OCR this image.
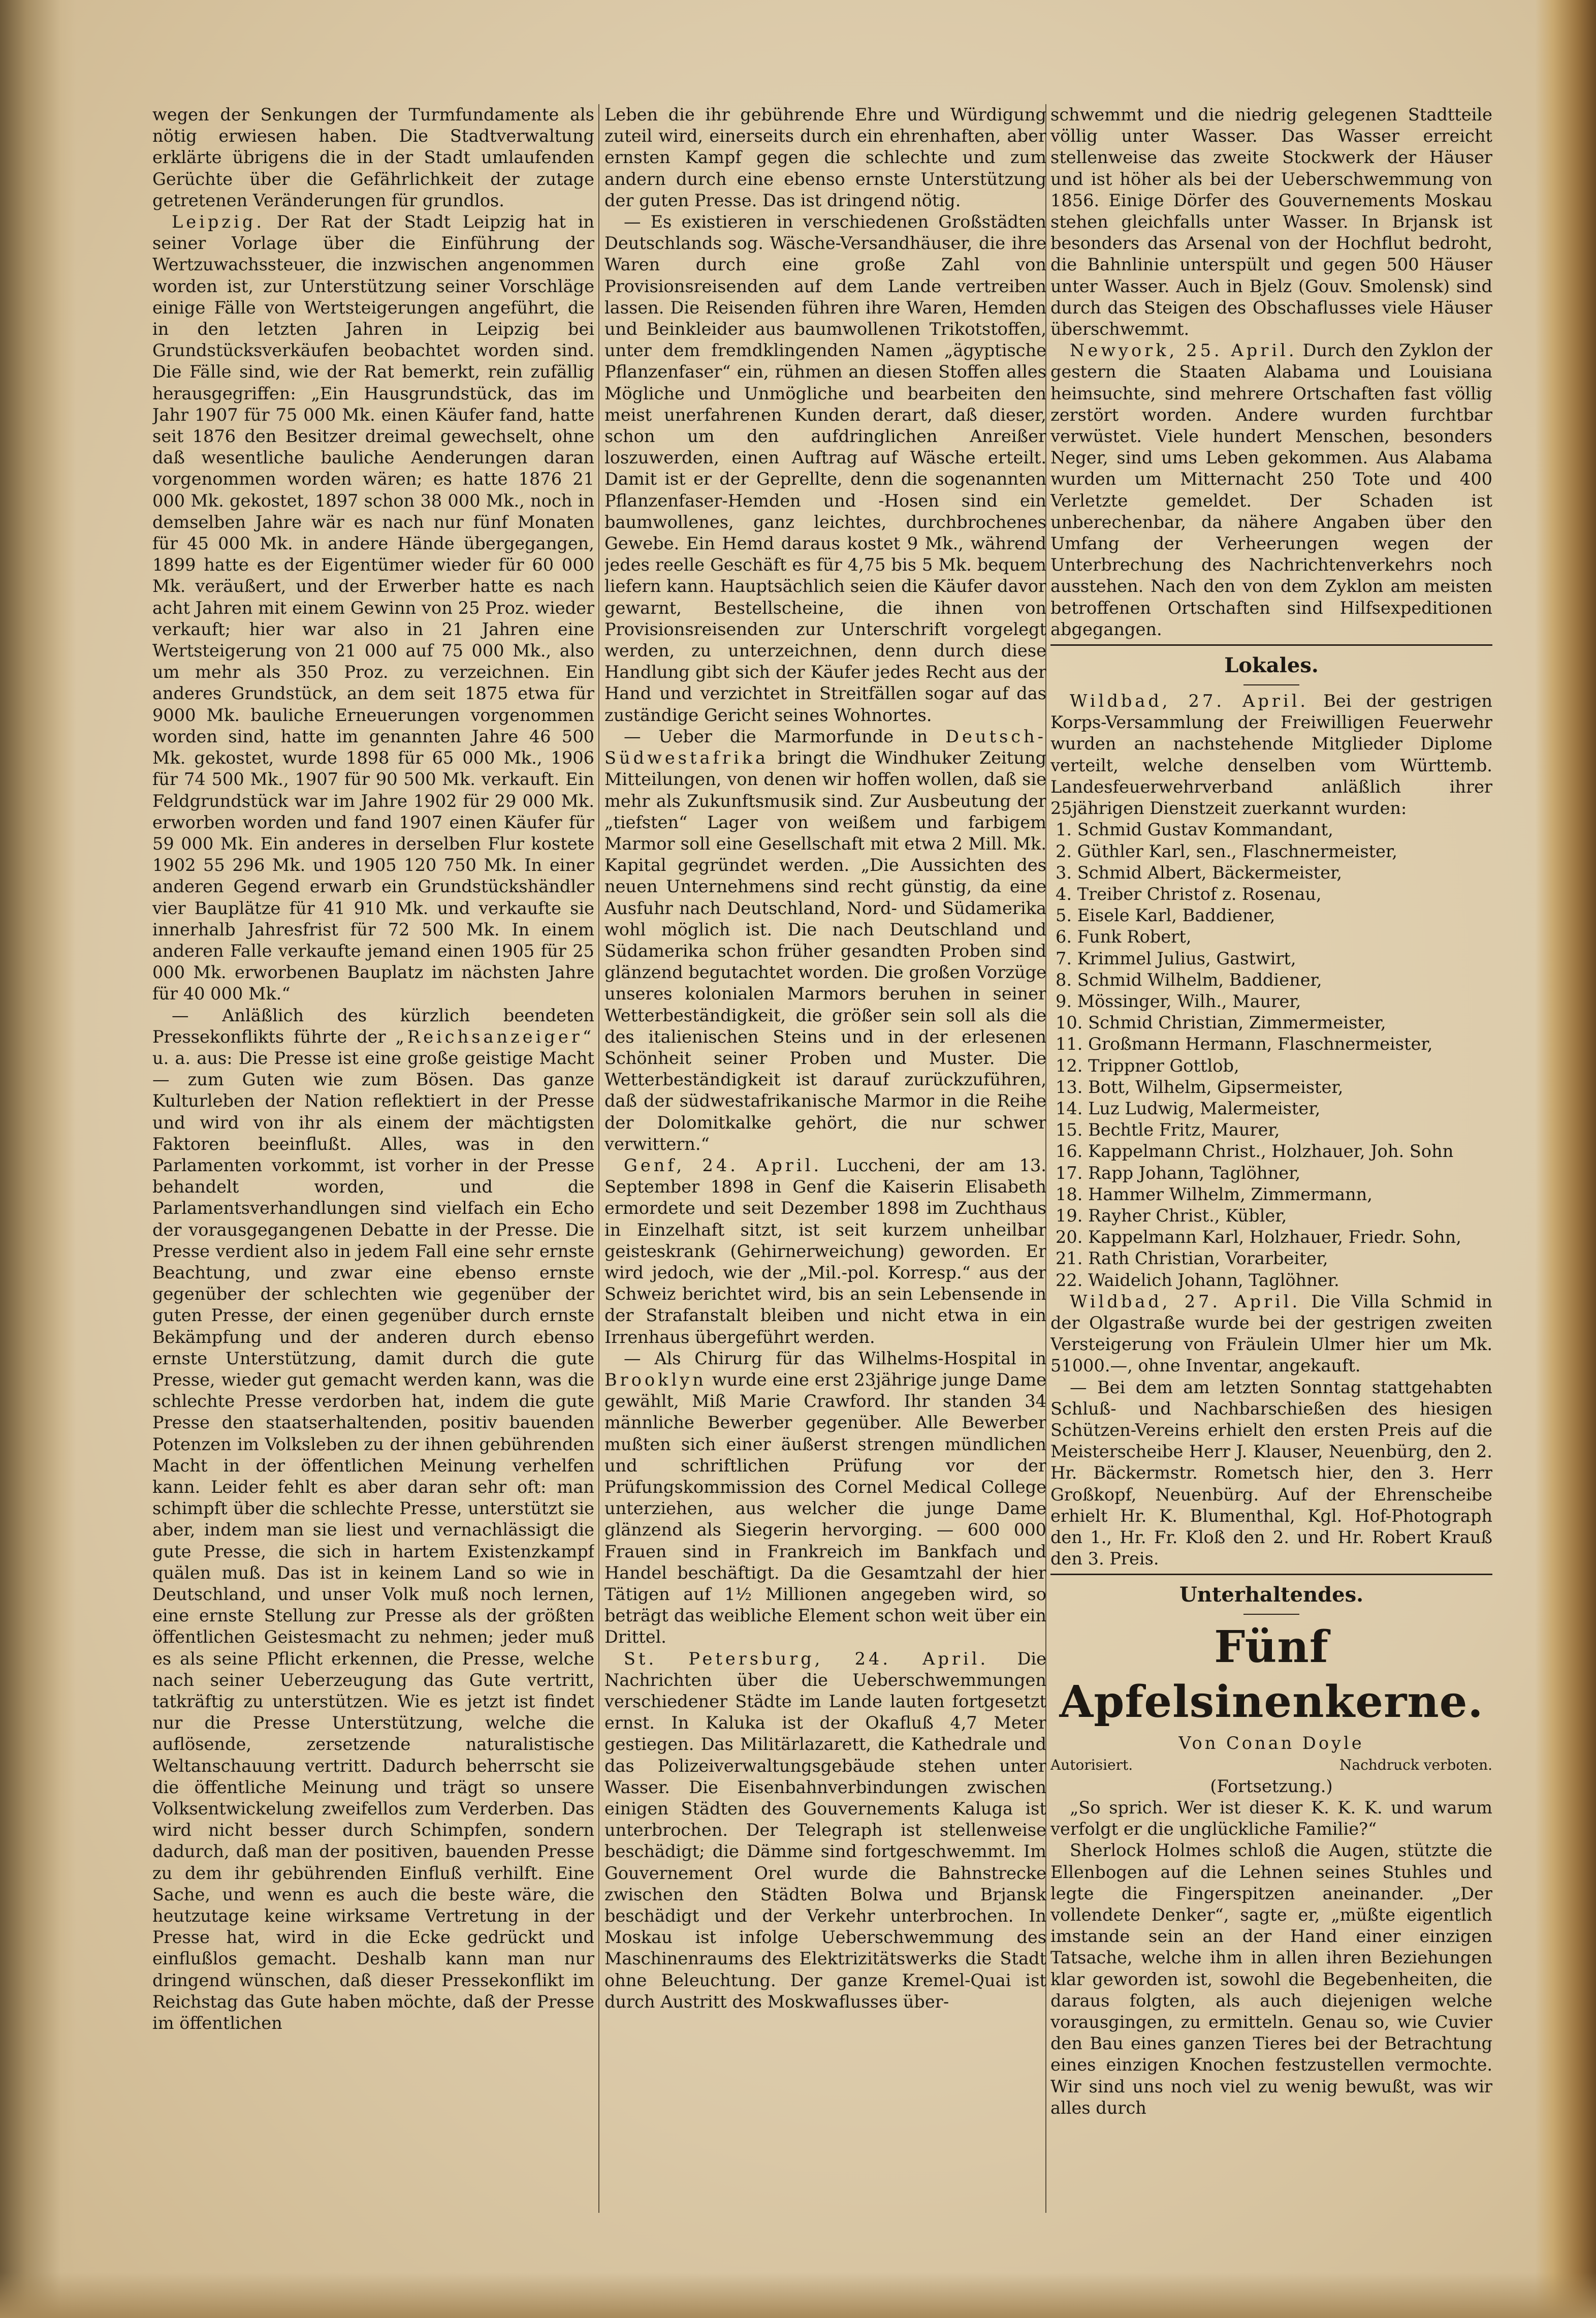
wegen der Senkungen der Turmfundamente als nötig erwiesen haben. Die Stadtverwaltung erklärte übrigens die in der Stadt umlaufenden Gerüchte über die Gefährlichkeit der zutage getretenen Veränderungen für grundlos.

Leipzig. Der Rat der Stadt Leipzig hat in seiner Vorlage über die Einführung der Wertzuwachssteuer, die inzwischen angenommen worden ist, zur Unterstützung seiner Vorschläge einige Fälle von Wertsteigerungen angeführt, die in den letzten Jahren in Leipzig bei Grundstücksverkäufen beobachtet worden sind. Die Fälle sind, wie der Rat bemerkt, rein zufällig herausgegriffen: „Ein Hausgrundstück, das im Jahr 1907 für 75 000 Mk. einen Käufer fand, hatte seit 1876 den Besitzer dreimal gewechselt, ohne daß wesentliche bauliche Aenderungen daran vorgenommen worden wären; es hatte 1876 21 000 Mk. gekostet, 1897 schon 38 000 Mk., noch in demselben Jahre wär es nach nur fünf Monaten für 45 000 Mk. in andere Hände übergegangen, 1899 hatte es der Eigentümer wieder für 60 000 Mk. veräußert, und der Erwerber hatte es nach acht Jahren mit einem Gewinn von 25 Proz. wieder verkauft; hier war also in 21 Jahren eine Wertsteigerung von 21 000 auf 75 000 Mk., also um mehr als 350 Proz. zu verzeichnen. Ein anderes Grundstück, an dem seit 1875 etwa für 9000 Mk. bauliche Erneuerungen vorgenommen worden sind, hatte im genannten Jahre 46 500 Mk. gekostet, wurde 1898 für 65 000 Mk., 1906 für 74 500 Mk., 1907 für 90 500 Mk. verkauft. Ein Feldgrundstück war im Jahre 1902 für 29 000 Mk. erworben worden und fand 1907 einen Käufer für 59 000 Mk. Ein anderes in derselben Flur kostete 1902 55 296 Mk. und 1905 120 750 Mk. In einer anderen Gegend erwarb ein Grundstückshändler vier Bauplätze für 41 910 Mk. und verkaufte sie innerhalb Jahresfrist für 72 500 Mk. In einem anderen Falle verkaufte jemand einen 1905 für 25 000 Mk. erworbenen Bauplatz im nächsten Jahre für 40 000 Mk.“

— Anläßlich des kürzlich beendeten Pressekonflikts führte der „Reichsanzeiger“ u. a. aus: Die Presse ist eine große geistige Macht — zum Guten wie zum Bösen. Das ganze Kulturleben der Nation reflektiert in der Presse und wird von ihr als einem der mächtigsten Faktoren beeinflußt. Alles, was in den Parlamenten vorkommt, ist vorher in der Presse behandelt worden, und die Parlamentsverhandlungen sind vielfach ein Echo der vorausgegangenen Debatte in der Presse. Die Presse verdient also in jedem Fall eine sehr ernste Beachtung, und zwar eine ebenso ernste gegenüber der schlechten wie gegenüber der guten Presse, der einen gegenüber durch ernste Bekämpfung und der anderen durch ebenso ernste Unterstützung, damit durch die gute Presse, wieder gut gemacht werden kann, was die schlechte Presse verdorben hat, indem die gute Presse den staatserhaltenden, positiv bauenden Potenzen im Volksleben zu der ihnen gebührenden Macht in der öffentlichen Meinung verhelfen kann. Leider fehlt es aber daran sehr oft: man schimpft über die schlechte Presse, unterstützt sie aber, indem man sie liest und vernachlässigt die gute Presse, die sich in hartem Existenzkampf quälen muß. Das ist in keinem Land so wie in Deutschland, und unser Volk muß noch lernen, eine ernste Stellung zur Presse als der größten öffentlichen Geistesmacht zu nehmen; jeder muß es als seine Pflicht erkennen, die Presse, welche nach seiner Ueberzeugung das Gute vertritt, tatkräftig zu unterstützen. Wie es jetzt ist findet nur die Presse Unterstützung, welche die auflösende, zersetzende naturalistische Weltanschauung vertritt. Dadurch beherrscht sie die öffentliche Meinung und trägt so unsere Volksentwickelung zweifellos zum Verderben. Das wird nicht besser durch Schimpfen, sondern dadurch, daß man der positiven, bauenden Presse zu dem ihr gebührenden Einfluß verhilft. Eine Sache, und wenn es auch die beste wäre, die heutzutage keine wirksame Vertretung in der Presse hat, wird in die Ecke gedrückt und einflußlos gemacht. Deshalb kann man nur dringend wünschen, daß dieser Pressekonflikt im Reichstag das Gute haben möchte, daß der Presse im öffentlichen

Leben die ihr gebührende Ehre und Würdigung zuteil wird, einerseits durch ein ehrenhaften, aber ernsten Kampf gegen die schlechte und zum andern durch eine ebenso ernste Unterstützung der guten Presse. Das ist dringend nötig.

— Es existieren in verschiedenen Großstädten Deutschlands sog. Wäsche-Versandhäuser, die ihre Waren durch eine große Zahl von Provisionsreisenden auf dem Lande vertreiben lassen. Die Reisenden führen ihre Waren, Hemden und Beinkleider aus baumwollenen Trikotstoffen, unter dem fremdklingenden Namen „ägyptische Pflanzenfaser“ ein, rühmen an diesen Stoffen alles Mögliche und Unmögliche und bearbeiten den meist unerfahrenen Kunden derart, daß dieser, schon um den aufdringlichen Anreißer loszuwerden, einen Auftrag auf Wäsche erteilt. Damit ist er der Geprellte, denn die sogenannten Pflanzenfaser-Hemden und -Hosen sind ein baumwollenes, ganz leichtes, durchbrochenes Gewebe. Ein Hemd daraus kostet 9 Mk., während jedes reelle Geschäft es für 4,75 bis 5 Mk. bequem liefern kann. Hauptsächlich seien die Käufer davor gewarnt, Bestellscheine, die ihnen von Provisionsreisenden zur Unterschrift vorgelegt werden, zu unterzeichnen, denn durch diese Handlung gibt sich der Käufer jedes Recht aus der Hand und verzichtet in Streitfällen sogar auf das zuständige Gericht seines Wohnortes.

— Ueber die Marmorfunde in Deutsch-Südwestafrika bringt die Windhuker Zeitung Mitteilungen, von denen wir hoffen wollen, daß sie mehr als Zukunftsmusik sind. Zur Ausbeutung der „tiefsten“ Lager von weißem und farbigem Marmor soll eine Gesellschaft mit etwa 2 Mill. Mk. Kapital gegründet werden. „Die Aussichten des neuen Unternehmens sind recht günstig, da eine Ausfuhr nach Deutschland, Nord- und Südamerika wohl möglich ist. Die nach Deutschland und Südamerika schon früher gesandten Proben sind glänzend begutachtet worden. Die großen Vorzüge unseres kolonialen Marmors beruhen in seiner Wetterbeständigkeit, die größer sein soll als die des italienischen Steins und in der erlesenen Schönheit seiner Proben und Muster. Die Wetterbeständigkeit ist darauf zurückzuführen, daß der südwestafrikanische Marmor in die Reihe der Dolomitkalke gehört, die nur schwer verwittern.“

Genf, 24. April. Luccheni, der am 13. September 1898 in Genf die Kaiserin Elisabeth ermordete und seit Dezember 1898 im Zuchthaus in Einzelhaft sitzt, ist seit kurzem unheilbar geisteskrank (Gehirnerweichung) geworden. Er wird jedoch, wie der „Mil.-pol. Korresp.“ aus der Schweiz berichtet wird, bis an sein Lebensende in der Strafanstalt bleiben und nicht etwa in ein Irrenhaus übergeführt werden.

— Als Chirurg für das Wilhelms-Hospital in Brooklyn wurde eine erst 23jährige junge Dame gewählt, Miß Marie Crawford. Ihr standen 34 männliche Bewerber gegenüber. Alle Bewerber mußten sich einer äußerst strengen mündlichen und schriftlichen Prüfung vor der Prüfungskommission des Cornel Medical College unterziehen, aus welcher die junge Dame glänzend als Siegerin hervorging. — 600 000 Frauen sind in Frankreich im Bankfach und Handel beschäftigt. Da die Gesamtzahl der hier Tätigen auf 1½ Millionen angegeben wird, so beträgt das weibliche Element schon weit über ein Drittel.

St. Petersburg, 24. April. Die Nachrichten über die Ueberschwemmungen verschiedener Städte im Lande lauten fortgesetzt ernst. In Kaluka ist der Okafluß 4,7 Meter gestiegen. Das Militärlazarett, die Kathedrale und das Polizeiverwaltungsgebäude stehen unter Wasser. Die Eisenbahnverbindungen zwischen einigen Städten des Gouvernements Kaluga ist unterbrochen. Der Telegraph ist stellenweise beschädigt; die Dämme sind fortgeschwemmt. Im Gouvernement Orel wurde die Bahnstrecke zwischen den Städten Bolwa und Brjansk beschädigt und der Verkehr unterbrochen. In Moskau ist infolge Ueberschwemmung des Maschinenraums des Elektrizitätswerks die Stadt ohne Beleuchtung. Der ganze Kremel-Quai ist durch Austritt des Moskwaflusses über-

schwemmt und die niedrig gelegenen Stadtteile völlig unter Wasser. Das Wasser erreicht stellenweise das zweite Stockwerk der Häuser und ist höher als bei der Ueberschwemmung von 1856. Einige Dörfer des Gouvernements Moskau stehen gleichfalls unter Wasser. In Brjansk ist besonders das Arsenal von der Hochflut bedroht, die Bahnlinie unterspült und gegen 500 Häuser unter Wasser. Auch in Bjelz (Gouv. Smolensk) sind durch das Steigen des Obschaflusses viele Häuser überschwemmt.

Newyork, 25. April. Durch den Zyklon der gestern die Staaten Alabama und Louisiana heimsuchte, sind mehrere Ortschaften fast völlig zerstört worden. Andere wurden furchtbar verwüstet. Viele hundert Menschen, besonders Neger, sind ums Leben gekommen. Aus Alabama wurden um Mitternacht 250 Tote und 400 Verletzte gemeldet. Der Schaden ist unberechenbar, da nähere Angaben über den Umfang der Verheerungen wegen der Unterbrechung des Nachrichtenverkehrs noch ausstehen. Nach den von dem Zyklon am meisten betroffenen Ortschaften sind Hilfsexpeditionen abgegangen.

Lokales.

Wildbad, 27. April. Bei der gestrigen Korps-Versammlung der Freiwilligen Feuerwehr wurden an nachstehende Mitglieder Diplome verteilt, welche denselben vom Württemb. Landesfeuerwehrverband anläßlich ihrer 25jährigen Dienstzeit zuerkannt wurden:

1. Schmid Gustav Kommandant,
2. Güthler Karl, sen., Flaschnermeister,
3. Schmid Albert, Bäckermeister,
4. Treiber Christof z. Rosenau,
5. Eisele Karl, Baddiener,
6. Funk Robert,
7. Krimmel Julius, Gastwirt,
8. Schmid Wilhelm, Baddiener,
9. Mössinger, Wilh., Maurer,
10. Schmid Christian, Zimmermeister,
11. Großmann Hermann, Flaschnermeister,
12. Trippner Gottlob,
13. Bott, Wilhelm, Gipsermeister,
14. Luz Ludwig, Malermeister,
15. Bechtle Fritz, Maurer,
16. Kappelmann Christ., Holzhauer, Joh. Sohn
17. Rapp Johann, Taglöhner,
18. Hammer Wilhelm, Zimmermann,
19. Rayher Christ., Kübler,
20. Kappelmann Karl, Holzhauer, Friedr. Sohn,
21. Rath Christian, Vorarbeiter,
22. Waidelich Johann, Taglöhner.

Wildbad, 27. April. Die Villa Schmid in der Olgastraße wurde bei der gestrigen zweiten Versteigerung von Fräulein Ulmer hier um Mk. 51000.—, ohne Inventar, angekauft.

— Bei dem am letzten Sonntag stattgehabten Schluß- und Nachbarschießen des hiesigen Schützen-Vereins erhielt den ersten Preis auf die Meisterscheibe Herr J. Klauser, Neuenbürg, den 2. Hr. Bäckermstr. Rometsch hier, den 3. Herr Großkopf, Neuenbürg. Auf der Ehrenscheibe erhielt Hr. K. Blumenthal, Kgl. Hof-Photograph den 1., Hr. Fr. Kloß den 2. und Hr. Robert Krauß den 3. Preis.

Unterhaltendes.
Fünf Apfelsinenkerne.
Von Conan Doyle
Autorisiert.	Nachdruck verboten.
(Fortsetzung.)

„So sprich. Wer ist dieser K. K. K. und warum verfolgt er die unglückliche Familie?“

Sherlock Holmes schloß die Augen, stützte die Ellenbogen auf die Lehnen seines Stuhles und legte die Fingerspitzen aneinander. „Der vollendete Denker“, sagte er, „müßte eigentlich imstande sein an der Hand einer einzigen Tatsache, welche ihm in allen ihren Beziehungen klar geworden ist, sowohl die Begebenheiten, die daraus folgten, als auch diejenigen welche vorausgingen, zu ermitteln. Genau so, wie Cuvier den Bau eines ganzen Tieres bei der Betrachtung eines einzigen Knochen festzustellen vermochte. Wir sind uns noch viel zu wenig bewußt, was wir alles durch
